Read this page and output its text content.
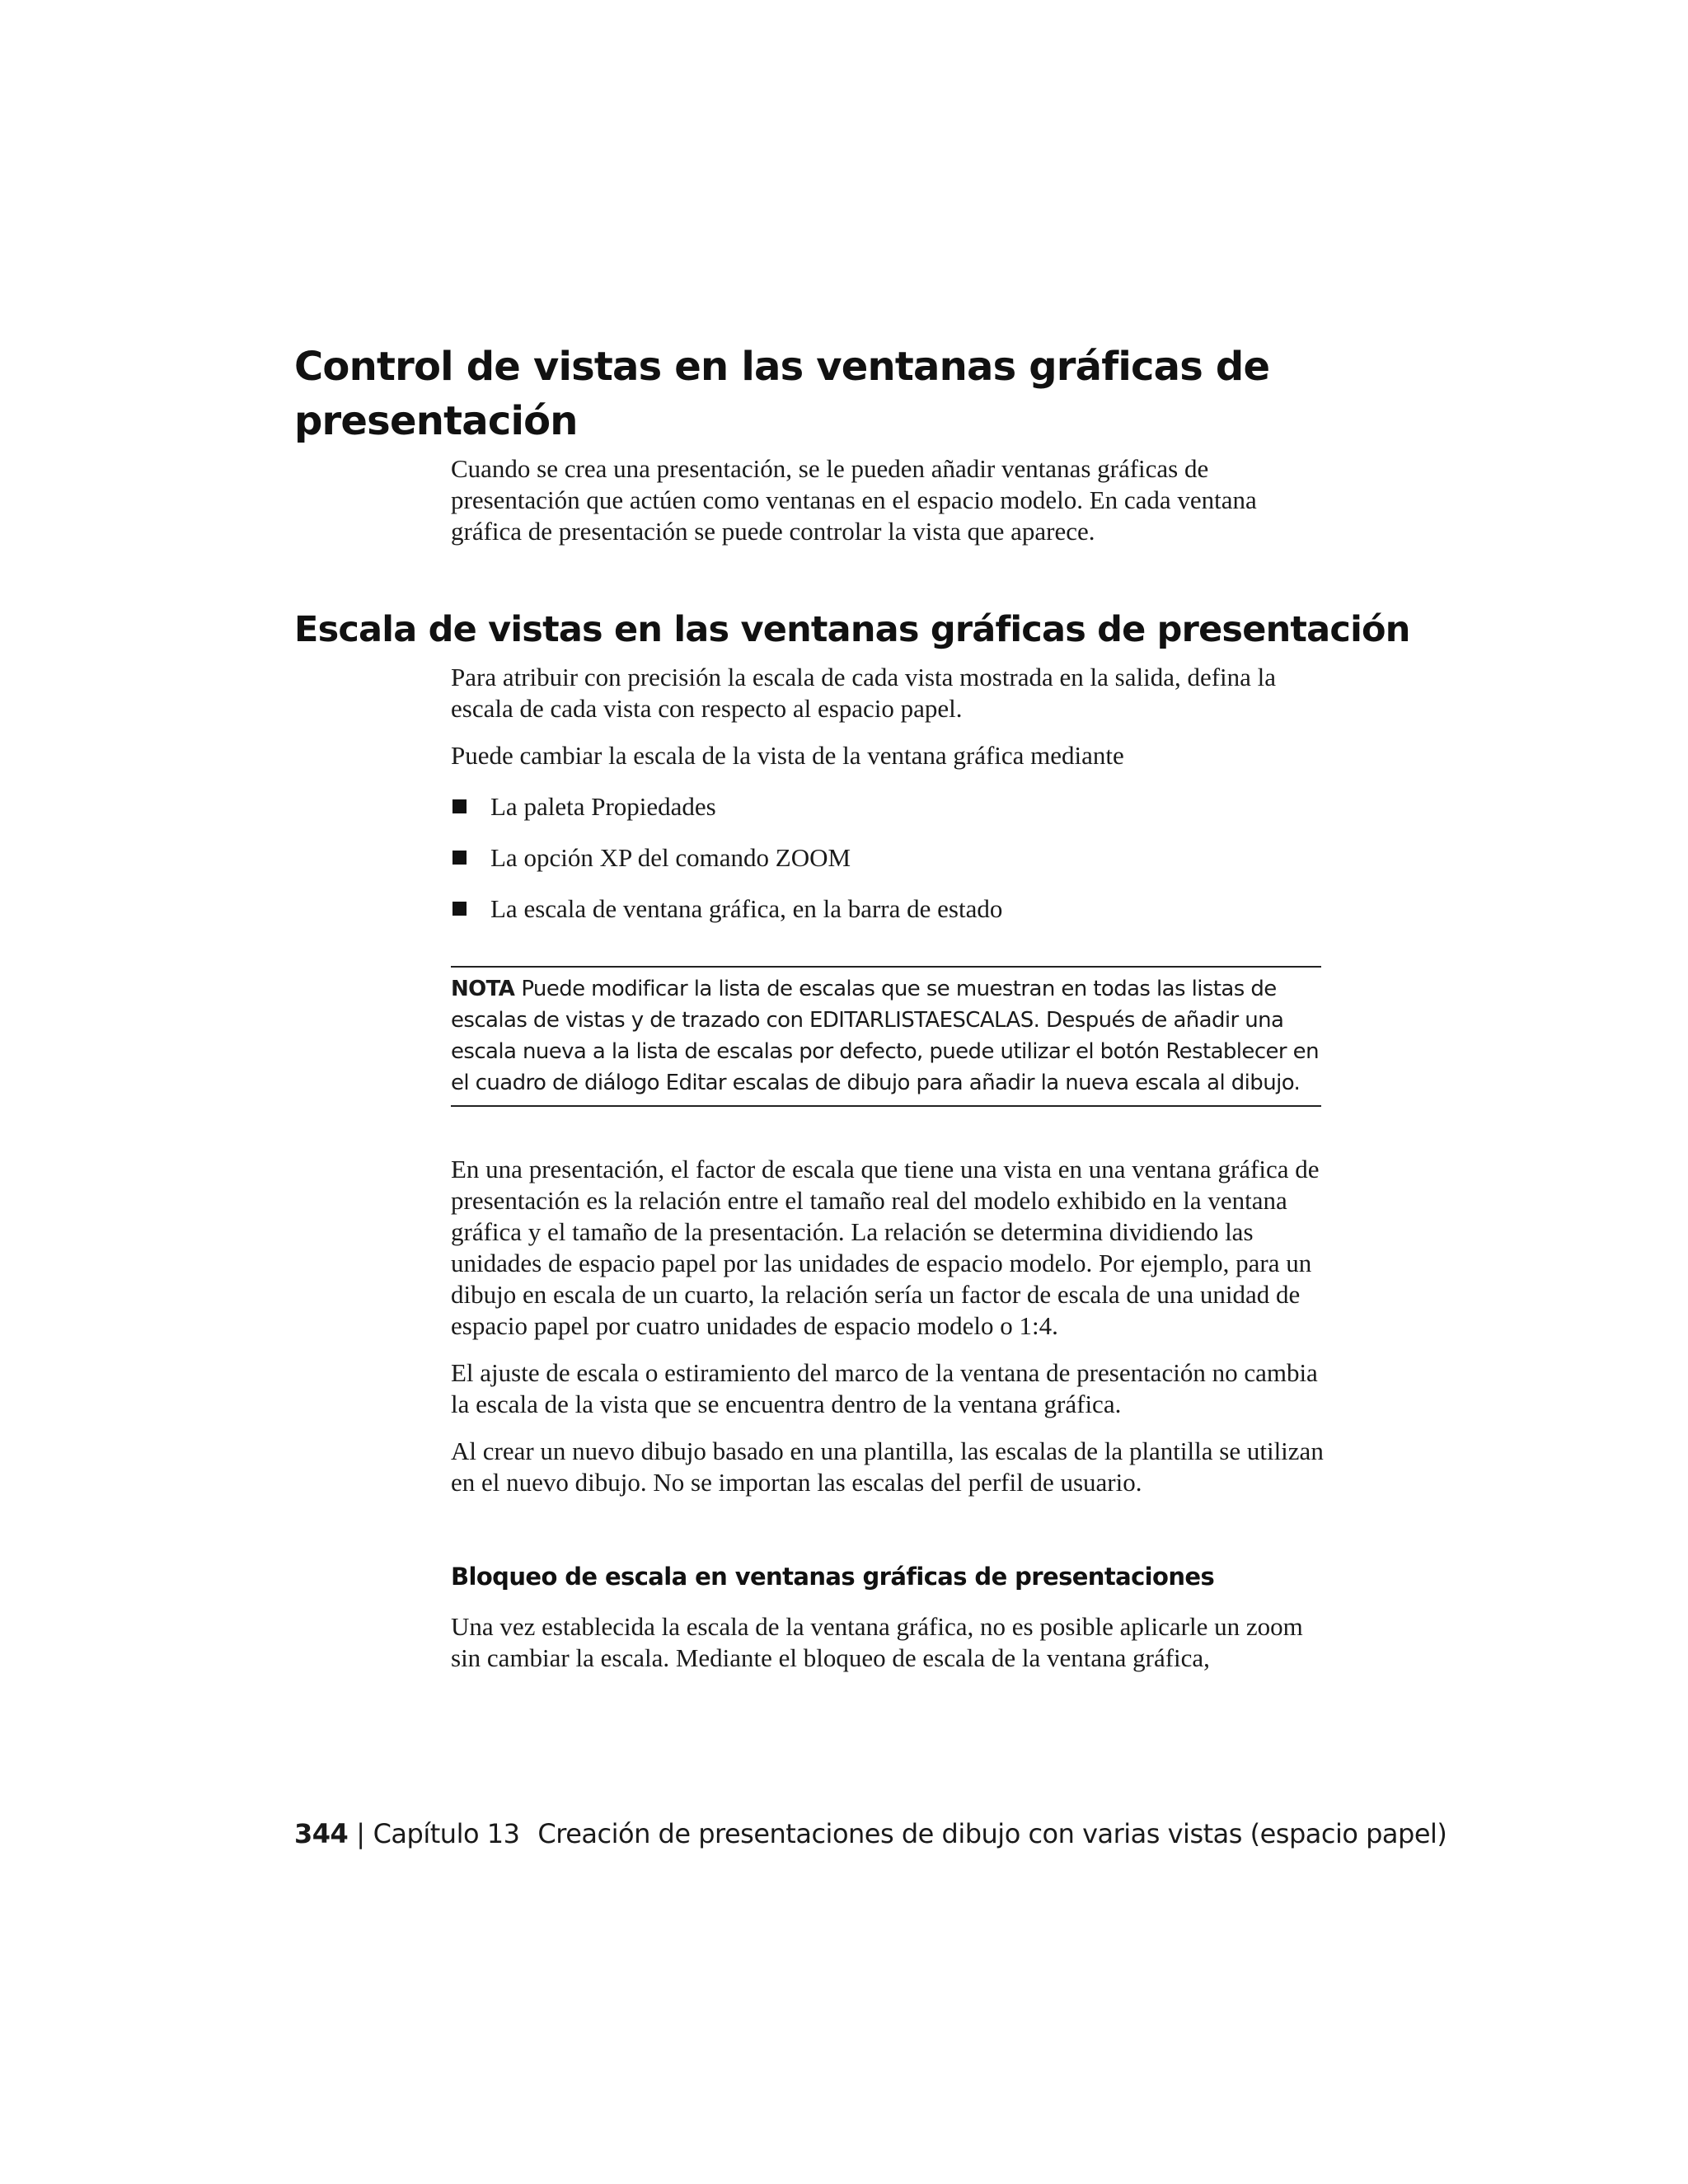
Control de vistas en las ventanas gráficas de presentación

Cuando se crea una presentación, se le pueden añadir ventanas gráficas de presentación que actúen como ventanas en el espacio modelo. En cada ventana gráfica de presentación se puede controlar la vista que aparece.

Escala de vistas en las ventanas gráficas de presentación

Para atribuir con precisión la escala de cada vista mostrada en la salida, defina la escala de cada vista con respecto al espacio papel.

Puede cambiar la escala de la vista de la ventana gráfica mediante

La paleta Propiedades
La opción XP del comando ZOOM
La escala de ventana gráfica, en la barra de estado

NOTA Puede modificar la lista de escalas que se muestran en todas las listas de escalas de vistas y de trazado con EDITARLISTAESCALAS. Después de añadir una escala nueva a la lista de escalas por defecto, puede utilizar el botón Restablecer en el cuadro de diálogo Editar escalas de dibujo para añadir la nueva escala al dibujo.

En una presentación, el factor de escala que tiene una vista en una ventana gráfica de presentación es la relación entre el tamaño real del modelo exhibido en la ventana gráfica y el tamaño de la presentación. La relación se determina dividiendo las unidades de espacio papel por las unidades de espacio modelo. Por ejemplo, para un dibujo en escala de un cuarto, la relación sería un factor de escala de una unidad de espacio papel por cuatro unidades de espacio modelo o 1:4.

El ajuste de escala o estiramiento del marco de la ventana de presentación no cambia la escala de la vista que se encuentra dentro de la ventana gráfica.

Al crear un nuevo dibujo basado en una plantilla, las escalas de la plantilla se utilizan en el nuevo dibujo. No se importan las escalas del perfil de usuario.

Bloqueo de escala en ventanas gráficas de presentaciones

Una vez establecida la escala de la ventana gráfica, no es posible aplicarle un zoom sin cambiar la escala. Mediante el bloqueo de escala de la ventana gráfica,

344 | Capítulo 13 Creación de presentaciones de dibujo con varias vistas (espacio papel)
